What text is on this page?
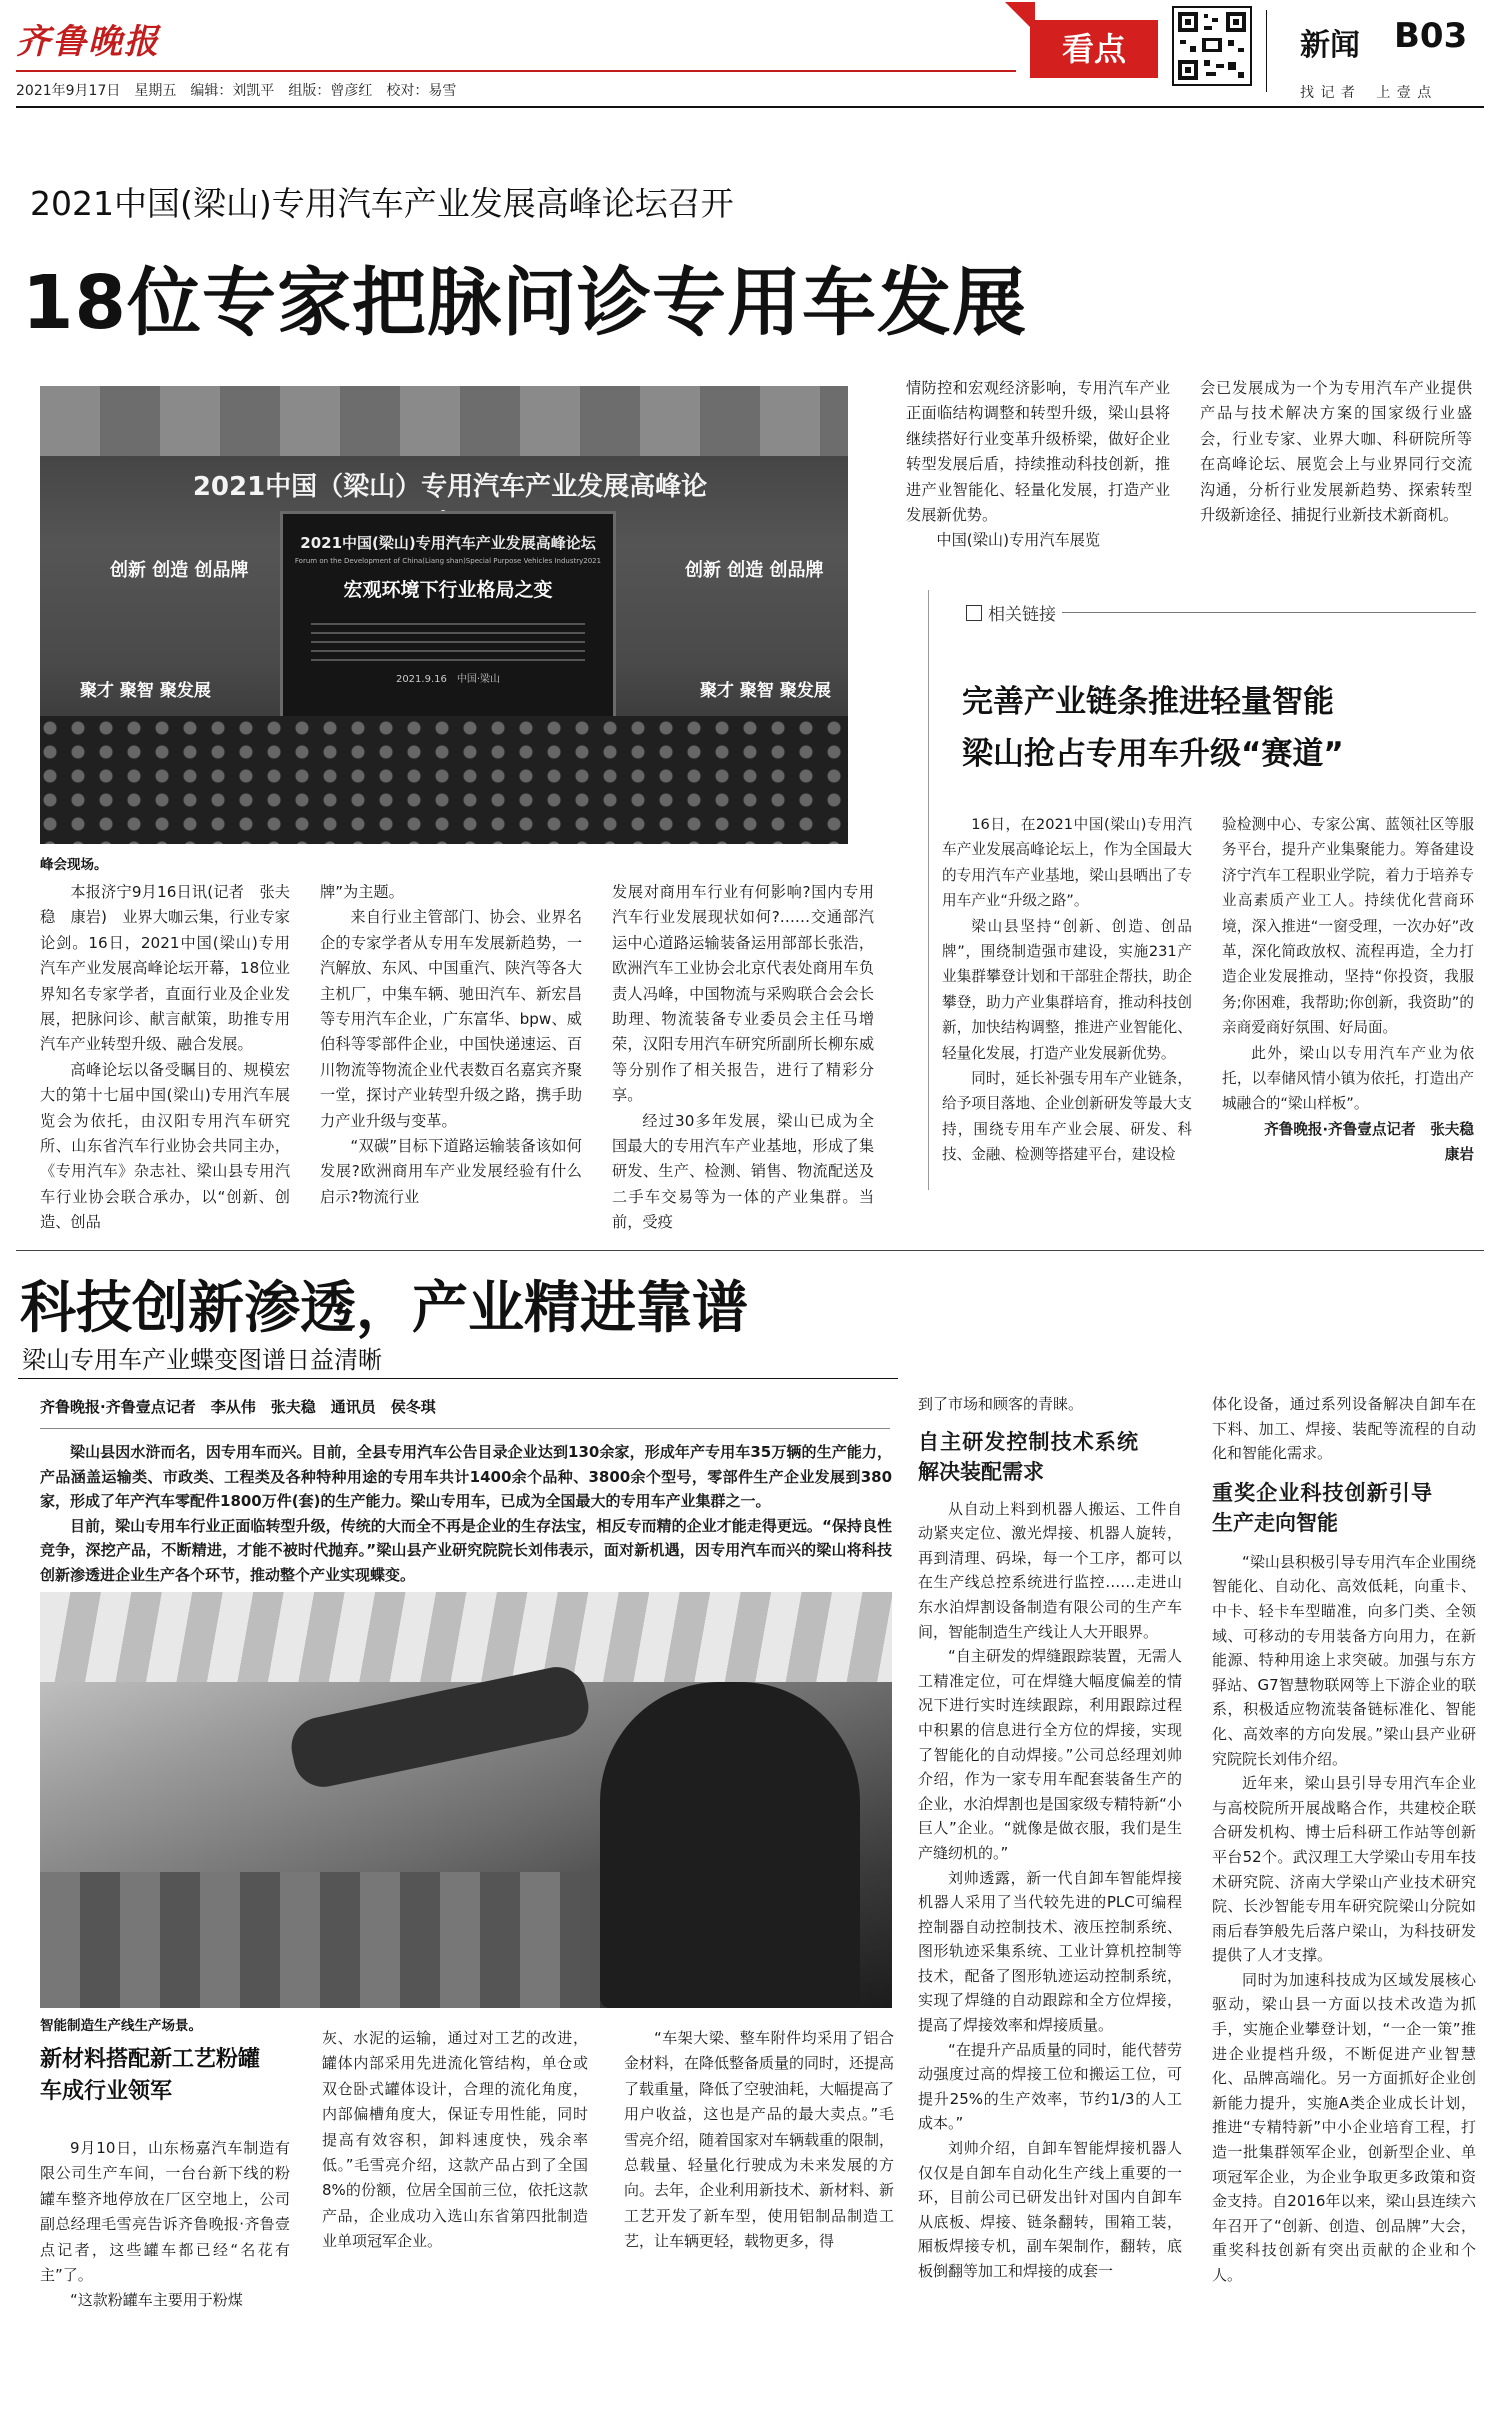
齐鲁晚报
2021年9月17日 星期五 编辑：刘凯平 组版：曾彦红 校对：易雪
看点	新闻 B03
找 记 者　 上 壹 点
2021中国(梁山)专用汽车产业发展高峰论坛召开
18位专家把脉问诊专用车发展
2021中国（梁山）专用汽车产业发展高峰论
2021中国(梁山)专用汽车产业发展高峰论坛
Forum on the Development of China(Liang shan)Special Purpose Vehicles Industry2021
宏观环境下行业格局之变
2021.9.16　中国·梁山
创新 创造 创品牌	创新 创造 创品牌
聚才 聚智 聚发展	聚才 聚智 聚发展
峰会现场。

本报济宁9月16日讯(记者　张夫稳　康岩)　业界大咖云集，行业专家论剑。16日，2021中国(梁山)专用汽车产业发展高峰论坛开幕，18位业界知名专家学者，直面行业及企业发展，把脉问诊、献言献策，助推专用汽车产业转型升级、融合发展。

高峰论坛以备受瞩目的、规模宏大的第十七届中国(梁山)专用汽车展览会为依托，由汉阳专用汽车研究所、山东省汽车行业协会共同主办，《专用汽车》杂志社、梁山县专用汽车行业协会联合承办，以“创新、创造、创品

牌”为主题。

来自行业主管部门、协会、业界名企的专家学者从专用车发展新趋势，一汽解放、东风、中国重汽、陕汽等各大主机厂，中集车辆、驰田汽车、新宏昌等专用汽车企业，广东富华、bpw、威伯科等零部件企业，中国快递速运、百川物流等物流企业代表数百名嘉宾齐聚一堂，探讨产业转型升级之路，携手助力产业升级与变革。

“双碳”目标下道路运输装备该如何发展?欧洲商用车产业发展经验有什么启示?物流行业

发展对商用车行业有何影响?国内专用汽车行业发展现状如何?……交通部汽运中心道路运输装备运用部部长张浩，欧洲汽车工业协会北京代表处商用车负责人冯峰，中国物流与采购联合会会长助理、物流装备专业委员会主任马增荣，汉阳专用汽车研究所副所长柳东威等分别作了相关报告，进行了精彩分享。

经过30多年发展，梁山已成为全国最大的专用汽车产业基地，形成了集研发、生产、检测、销售、物流配送及二手车交易等为一体的产业集群。当前，受疫

情防控和宏观经济影响，专用汽车产业正面临结构调整和转型升级，梁山县将继续搭好行业变革升级桥梁，做好企业转型发展后盾，持续推动科技创新，推进产业智能化、轻量化发展，打造产业发展新优势。

中国(梁山)专用汽车展览

会已发展成为一个为专用汽车产业提供产品与技术解决方案的国家级行业盛会，行业专家、业界大咖、科研院所等在高峰论坛、展览会上与业界同行交流沟通，分析行业发展新趋势、探索转型升级新途径、捕捉行业新技术新商机。

相关链接
完善产业链条推进轻量智能
梁山抢占专用车升级“赛道”

16日，在2021中国(梁山)专用汽车产业发展高峰论坛上，作为全国最大的专用汽车产业基地，梁山县晒出了专用车产业“升级之路”。

梁山县坚持“创新、创造、创品牌”，围绕制造强市建设，实施231产业集群攀登计划和干部驻企帮扶，助企攀登，助力产业集群培育，推动科技创新，加快结构调整，推进产业智能化、轻量化发展，打造产业发展新优势。

同时，延长补强专用车产业链条，给予项目落地、企业创新研发等最大支持，围绕专用车产业会展、研发、科技、金融、检测等搭建平台，建设检

验检测中心、专家公寓、蓝领社区等服务平台，提升产业集聚能力。筹备建设济宁汽车工程职业学院，着力于培养专业高素质产业工人。持续优化营商环境，深入推进“一窗受理，一次办好”改革，深化简政放权、流程再造，全力打造企业发展推动，坚持“你投资，我服务;你困难，我帮助;你创新，我资助”的亲商爱商好氛围、好局面。

此外，梁山以专用汽车产业为依托，以奉储风情小镇为依托，打造出产城融合的“梁山样板”。

齐鲁晚报·齐鲁壹点记者　张夫稳　康岩

科技创新渗透，产业精进靠谱
梁山专用车产业蝶变图谱日益清晰
齐鲁晚报·齐鲁壹点记者　李从伟　张夫稳　通讯员　侯冬琪

梁山县因水浒而名，因专用车而兴。目前，全县专用汽车公告目录企业达到130余家，形成年产专用车35万辆的生产能力，产品涵盖运输类、市政类、工程类及各种特种用途的专用车共计1400余个品种、3800余个型号，零部件生产企业发展到380家，形成了年产汽车零配件1800万件(套)的生产能力。梁山专用车，已成为全国最大的专用车产业集群之一。

目前，梁山专用车行业正面临转型升级，传统的大而全不再是企业的生存法宝，相反专而精的企业才能走得更远。“保持良性竞争，深挖产品，不断精进，才能不被时代抛弃。”梁山县产业研究院院长刘伟表示，面对新机遇，因专用汽车而兴的梁山将科技创新渗透进企业生产各个环节，推动整个产业实现蝶变。

智能制造生产线生产场景。
新材料搭配新工艺粉罐车成行业领军

9月10日，山东杨嘉汽车制造有限公司生产车间，一台台新下线的粉罐车整齐地停放在厂区空地上，公司副总经理毛雪亮告诉齐鲁晚报·齐鲁壹点记者，这些罐车都已经“名花有主”了。

“这款粉罐车主要用于粉煤

灰、水泥的运输，通过对工艺的改进，罐体内部采用先进流化管结构，单仓或双仓卧式罐体设计，合理的流化角度，内部偏槽角度大，保证专用性能，同时提高有效容积，卸料速度快，残余率低。”毛雪亮介绍，这款产品占到了全国8%的份额，位居全国前三位，依托这款产品，企业成功入选山东省第四批制造业单项冠军企业。

“车架大梁、整车附件均采用了铝合金材料，在降低整备质量的同时，还提高了载重量，降低了空驶油耗，大幅提高了用户收益，这也是产品的最大卖点。”毛雪亮介绍，随着国家对车辆载重的限制，总载量、轻量化行驶成为未来发展的方向。去年，企业利用新技术、新材料、新工艺开发了新车型，使用铝制品制造工艺，让车辆更轻，载物更多，得

到了市场和顾客的青睐。

自主研发控制技术系统解决装配需求

从自动上料到机器人搬运、工件自动紧夹定位、激光焊接、机器人旋转，再到清理、码垛，每一个工序，都可以在生产线总控系统进行监控……走进山东水泊焊割设备制造有限公司的生产车间，智能制造生产线让人大开眼界。

“自主研发的焊缝跟踪装置，无需人工精准定位，可在焊缝大幅度偏差的情况下进行实时连续跟踪，利用跟踪过程中积累的信息进行全方位的焊接，实现了智能化的自动焊接。”公司总经理刘帅介绍，作为一家专用车配套装备生产的企业，水泊焊割也是国家级专精特新“小巨人”企业。“就像是做衣服，我们是生产缝纫机的。”

刘帅透露，新一代自卸车智能焊接机器人采用了当代较先进的PLC可编程控制器自动控制技术、液压控制系统、图形轨迹采集系统、工业计算机控制等技术，配备了图形轨迹运动控制系统，实现了焊缝的自动跟踪和全方位焊接，提高了焊接效率和焊接质量。

“在提升产品质量的同时，能代替劳动强度过高的焊接工位和搬运工位，可提升25%的生产效率，节约1/3的人工成本。”

刘帅介绍，自卸车智能焊接机器人仅仅是自卸车自动化生产线上重要的一环，目前公司已研发出针对国内自卸车从底板、焊接、链条翻转，围箱工装，厢板焊接专机，副车架制作，翻转，底板倒翻等加工和焊接的成套一

体化设备，通过系列设备解决自卸车在下料、加工、焊接、装配等流程的自动化和智能化需求。

重奖企业科技创新引导生产走向智能

“梁山县积极引导专用汽车企业围绕智能化、自动化、高效低耗，向重卡、中卡、轻卡车型瞄准，向多门类、全领域、可移动的专用装备方向用力，在新能源、特种用途上求突破。加强与东方驿站、G7智慧物联网等上下游企业的联系，积极适应物流装备链标准化、智能化、高效率的方向发展。”梁山县产业研究院院长刘伟介绍。

近年来，梁山县引导专用汽车企业与高校院所开展战略合作，共建校企联合研发机构、博士后科研工作站等创新平台52个。武汉理工大学梁山专用车技术研究院、济南大学梁山产业技术研究院、长沙智能专用车研究院梁山分院如雨后春笋般先后落户梁山，为科技研发提供了人才支撑。

同时为加速科技成为区域发展核心驱动，梁山县一方面以技术改造为抓手，实施企业攀登计划，“一企一策”推进企业提档升级，不断促进产业智慧化、品牌高端化。另一方面抓好企业创新能力提升，实施A类企业成长计划，推进“专精特新”中小企业培育工程，打造一批集群领军企业，创新型企业、单项冠军企业，为企业争取更多政策和资金支持。自2016年以来，梁山县连续六年召开了“创新、创造、创品牌”大会，重奖科技创新有突出贡献的企业和个人。
